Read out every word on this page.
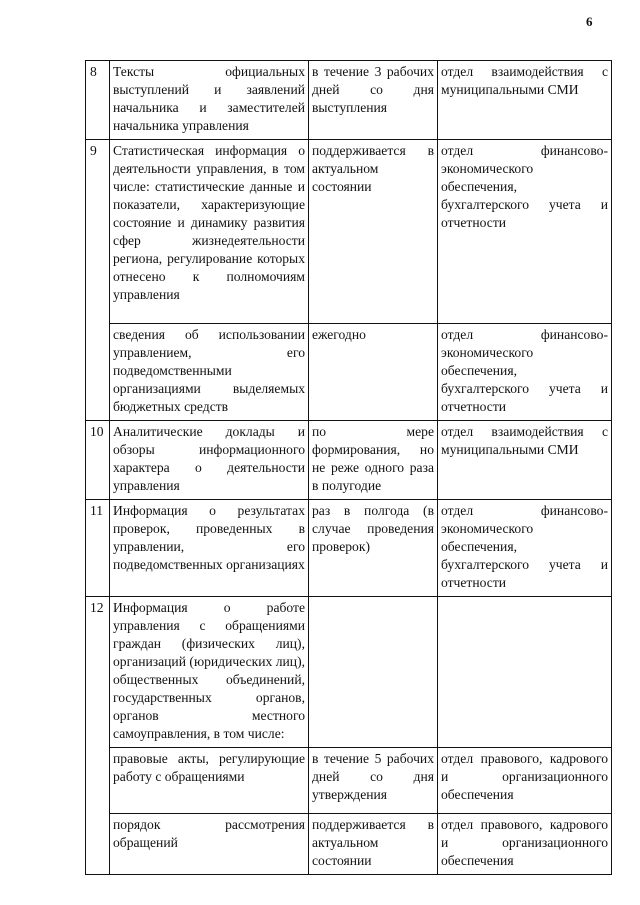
6
8	Тексты официальных выступлений и заявлений начальника и заместителей начальника управления	в течение 3 рабочих дней со дня выступления	отдел взаимодействия с муниципальными СМИ
9	Статистическая информация о деятельности управления, в том числе: статистические данные и показатели, характеризующие состояние и динамику развития сфер жизнедеятельности региона, регулирование которых отнесено к полномочиям управления	поддерживается в актуальном состоянии	отдел финансово-экономического обеспечения, бухгалтерского учета и отчетности
	сведения об использовании управлением, его подведомственными организациями выделяемых бюджетных средств	ежегодно	отдел финансово-экономического обеспечения, бухгалтерского учета и отчетности
10	Аналитические доклады и обзоры информационного характера о деятельности управления	по мере формирования, но не реже одного раза в полугодие	отдел взаимодействия с муниципальными СМИ
11	Информация о результатах проверок, проведенных в управлении, его подведомственных организациях	раз в полгода (в случае проведения проверок)	отдел финансово-экономического обеспечения, бухгалтерского учета и отчетности
12	Информация о работе управления с обращениями граждан (физических лиц), организаций (юридических лиц), общественных объединений, государственных органов, органов местного самоуправления, в том числе:		
	правовые акты, регулирующие работу с обращениями	в течение 5 рабочих дней со дня утверждения	отдел правового, кадрового и организационного обеспечения
	порядок рассмотрения обращений	поддерживается в актуальном состоянии	отдел правового, кадрового и организационного обеспечения
